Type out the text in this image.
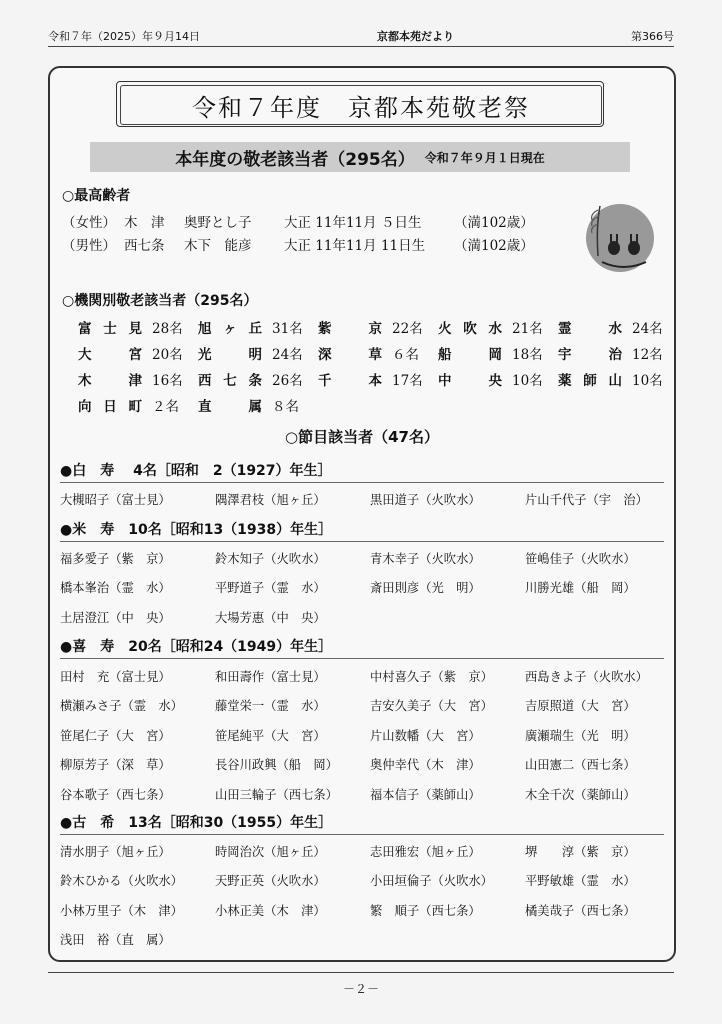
令和７年（2025）年９月14日	京都本苑だより	第366号
令和７年度　京都本苑敬老祭
本年度の敬老該当者（295名） 令和７年９月１日現在
○最高齢者
（女性） 木　津	奥野とし子	大正 11年11月 ５日生	（満102歳）
（男性） 西七条	木下　能彦	大正 11年11月 11日生	（満102歳）
○機関別敬老該当者（295名）
富士見 28名	旭ヶ丘 31名	紫京 22名	火吹水 21名	霊水 24名
大宮 20名	光明 24名	深草 ６名	船岡 18名	宇治 12名
木津 16名	西七条 26名	千本 17名	中央 10名	薬師山 10名
向日町 ２名	直属 ８名
○節目該当者（47名）
●白　寿　 4名［昭和　2（1927）年生］
大槻昭子（富士見）	隅澤君枝（旭ヶ丘）	黒田道子（火吹水）	片山千代子（宇　治）
●米　寿　10名［昭和13（1938）年生］
福多愛子（紫　京）	鈴木知子（火吹水）	青木幸子（火吹水）	笹嶋佳子（火吹水）
橋本峯治（霊　水）	平野道子（霊　水）	斎田則彦（光　明）	川勝光雄（船　岡）
土居澄江（中　央）	大場芳惠（中　央）
●喜　寿　20名［昭和24（1949）年生］
田村　充（富士見）	和田壽作（富士見）	中村喜久子（紫　京）	西島きよ子（火吹水）
横瀬みさ子（霊　水）	藤堂栄一（霊　水）	吉安久美子（大　宮）	吉原照道（大　宮）
笹尾仁子（大　宮）	笹尾純平（大　宮）	片山数幡（大　宮）	廣瀬瑞生（光　明）
柳原芳子（深　草）	長谷川政興（船　岡）	奥仲幸代（木　津）	山田憲二（西七条）
谷本歌子（西七条）	山田三輪子（西七条）	福本信子（薬師山）	木全千次（薬師山）
●古　希　13名［昭和30（1955）年生］
清水朋子（旭ヶ丘）	時岡治次（旭ヶ丘）	志田雅宏（旭ヶ丘）	堺　　淳（紫　京）
鈴木ひかる（火吹水）	天野正英（火吹水）	小田垣倫子（火吹水）	平野敏雄（霊　水）
小林万里子（木　津）	小林正美（木　津）	繁　順子（西七条）	橘美哉子（西七条）
浅田　裕（直　属）
－２－
